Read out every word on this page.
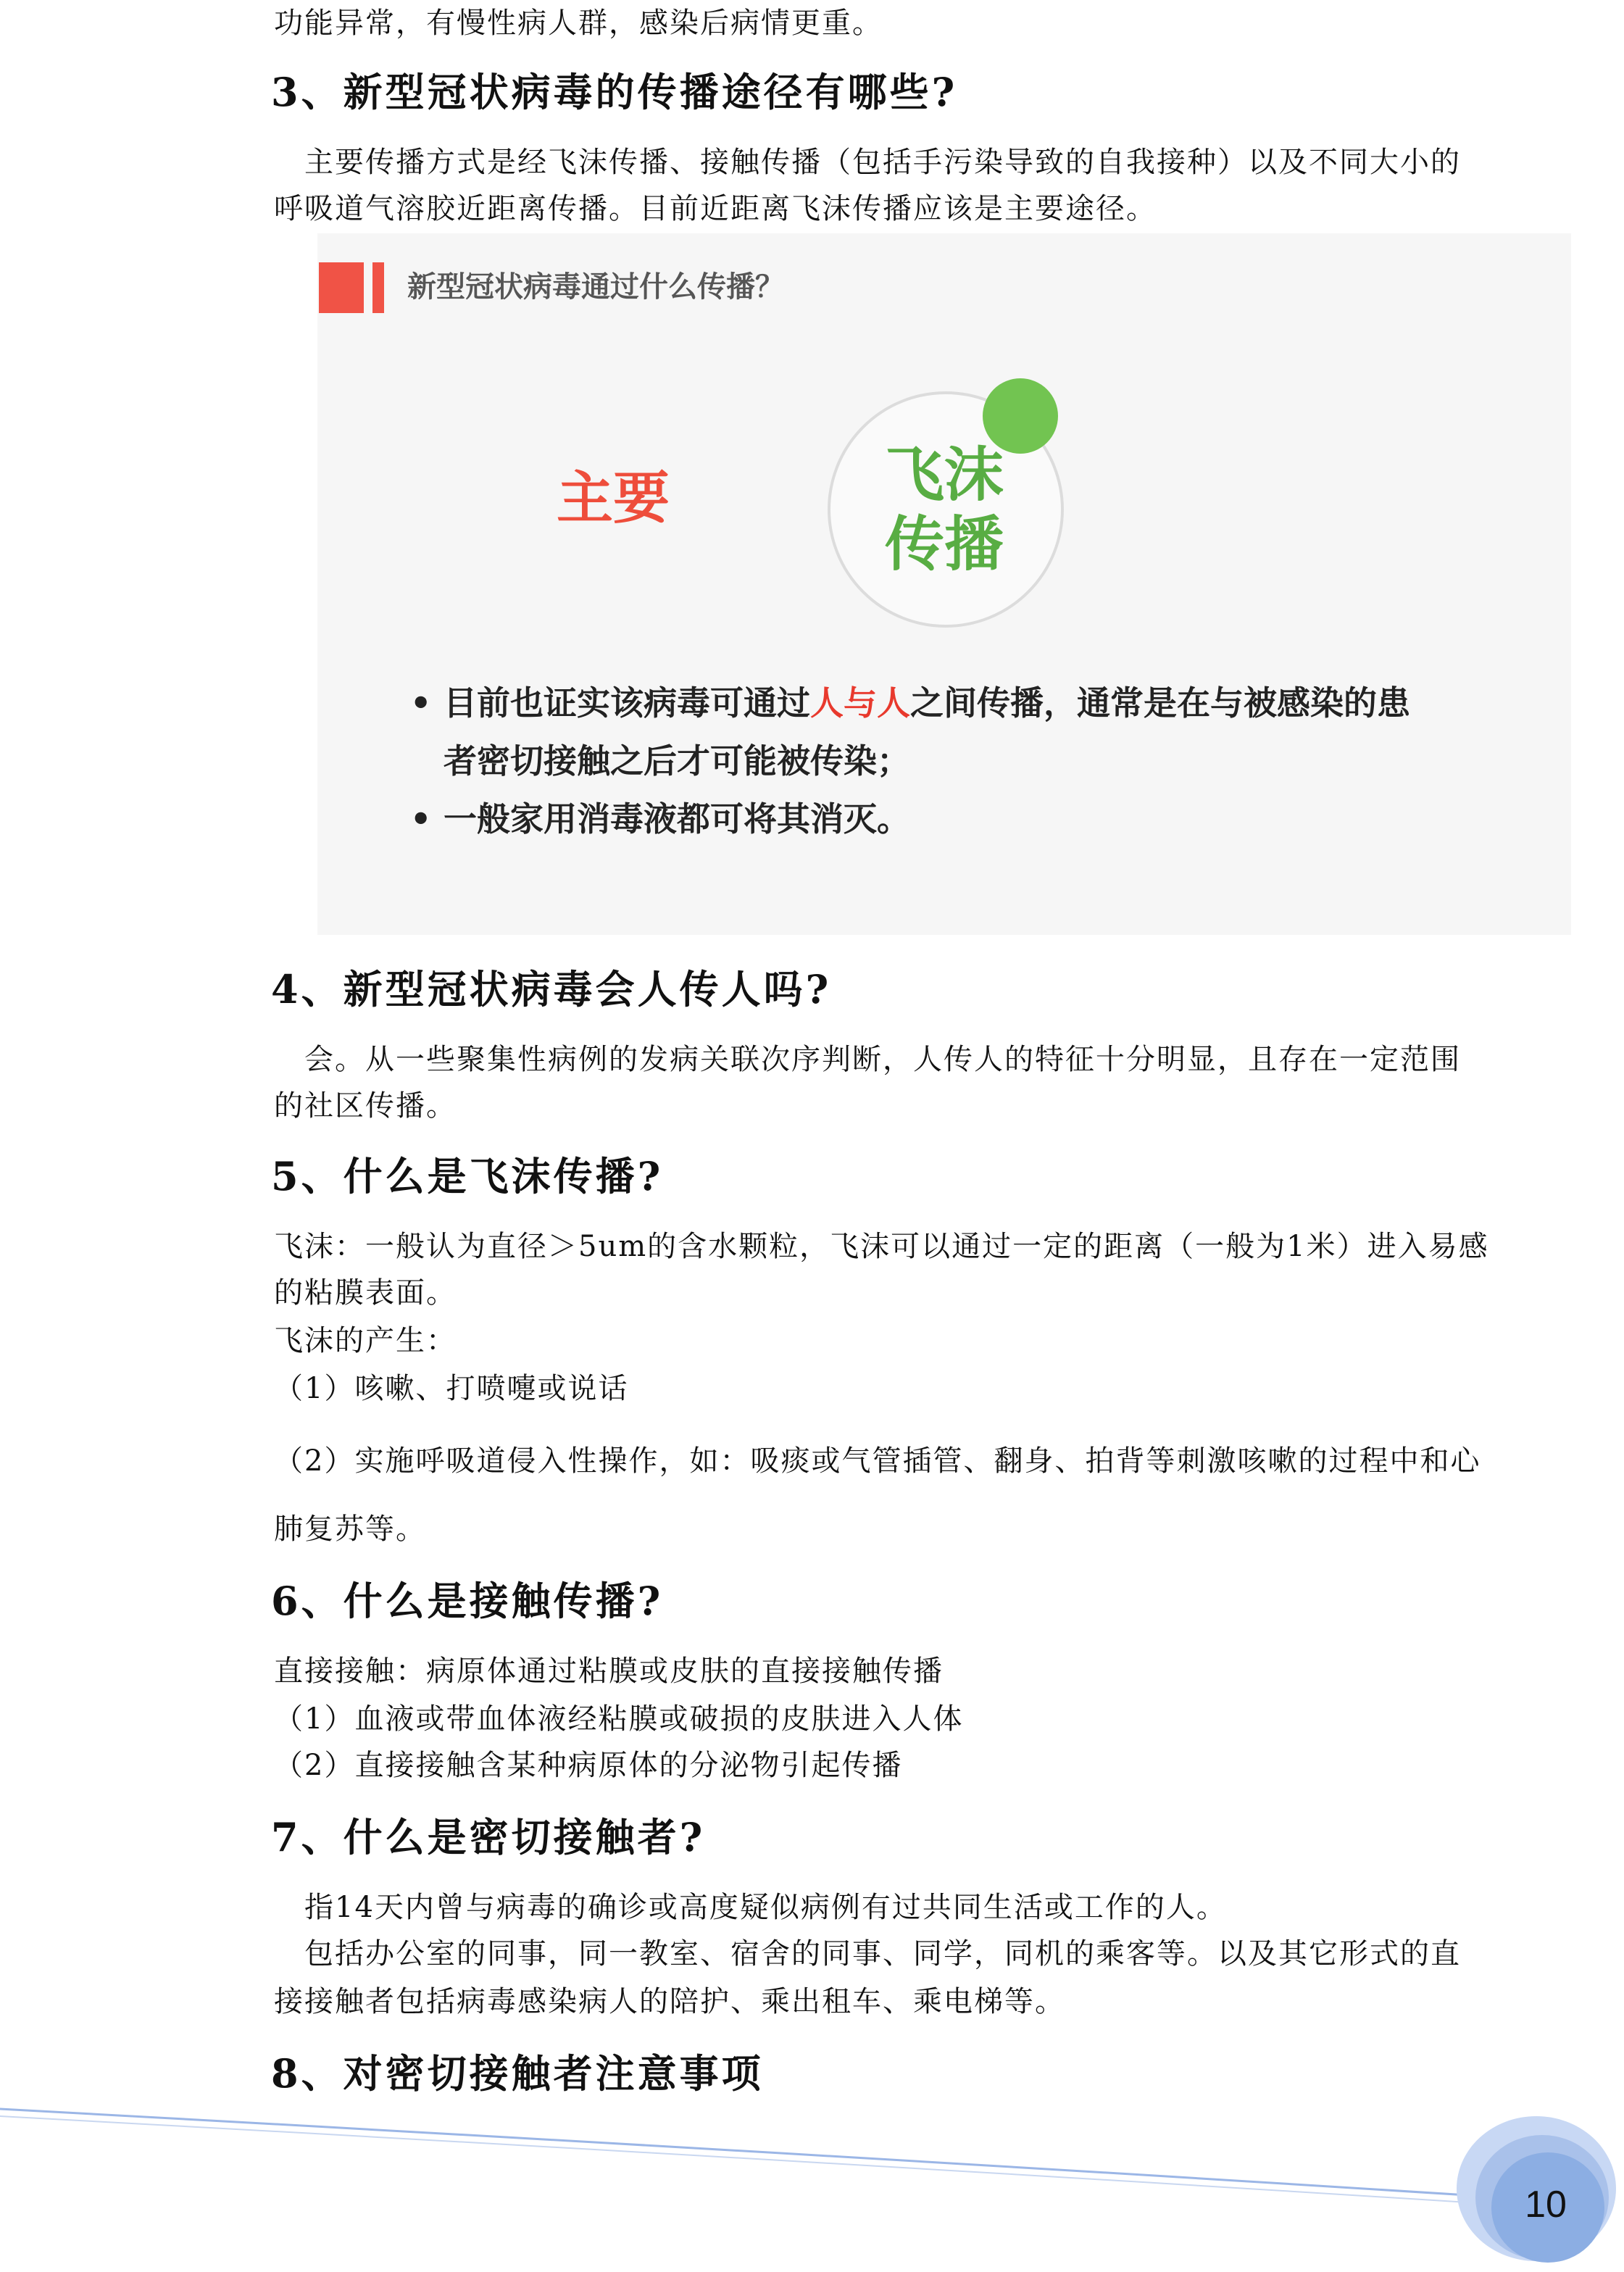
功能异常，有慢性病人群，感染后病情更重。

3、新型冠状病毒的传播途径有哪些?

主要传播方式是经飞沫传播、接触传播（包括手污染导致的自我接种）以及不同大小的

呼吸道气溶胶近距离传播。目前近距离飞沫传播应该是主要途径。

新型冠状病毒通过什么传播？
主要	飞沫
传播
• 目前也证实该病毒可通过人与人之间传播，通常是在与被感染的患
者密切接触之后才可能被传染；
• 一般家用消毒液都可将其消灭。
4、新型冠状病毒会人传人吗?

会。从一些聚集性病例的发病关联次序判断，人传人的特征十分明显，且存在一定范围

的社区传播。

5、什么是飞沫传播?

飞沫：一般认为直径＞5um的含水颗粒，飞沫可以通过一定的距离（一般为1米）进入易感

的粘膜表面。

飞沫的产生：

（1）咳嗽、打喷嚏或说话

（2）实施呼吸道侵入性操作，如：吸痰或气管插管、翻身、拍背等刺激咳嗽的过程中和心

肺复苏等。

6、什么是接触传播?

直接接触：病原体通过粘膜或皮肤的直接接触传播

（1）血液或带血体液经粘膜或破损的皮肤进入人体

（2）直接接触含某种病原体的分泌物引起传播

7、什么是密切接触者?

指14天内曾与病毒的确诊或高度疑似病例有过共同生活或工作的人。

包括办公室的同事，同一教室、宿舍的同事、同学，同机的乘客等。以及其它形式的直

接接触者包括病毒感染病人的陪护、乘出租车、乘电梯等。

8、对密切接触者注意事项
10
